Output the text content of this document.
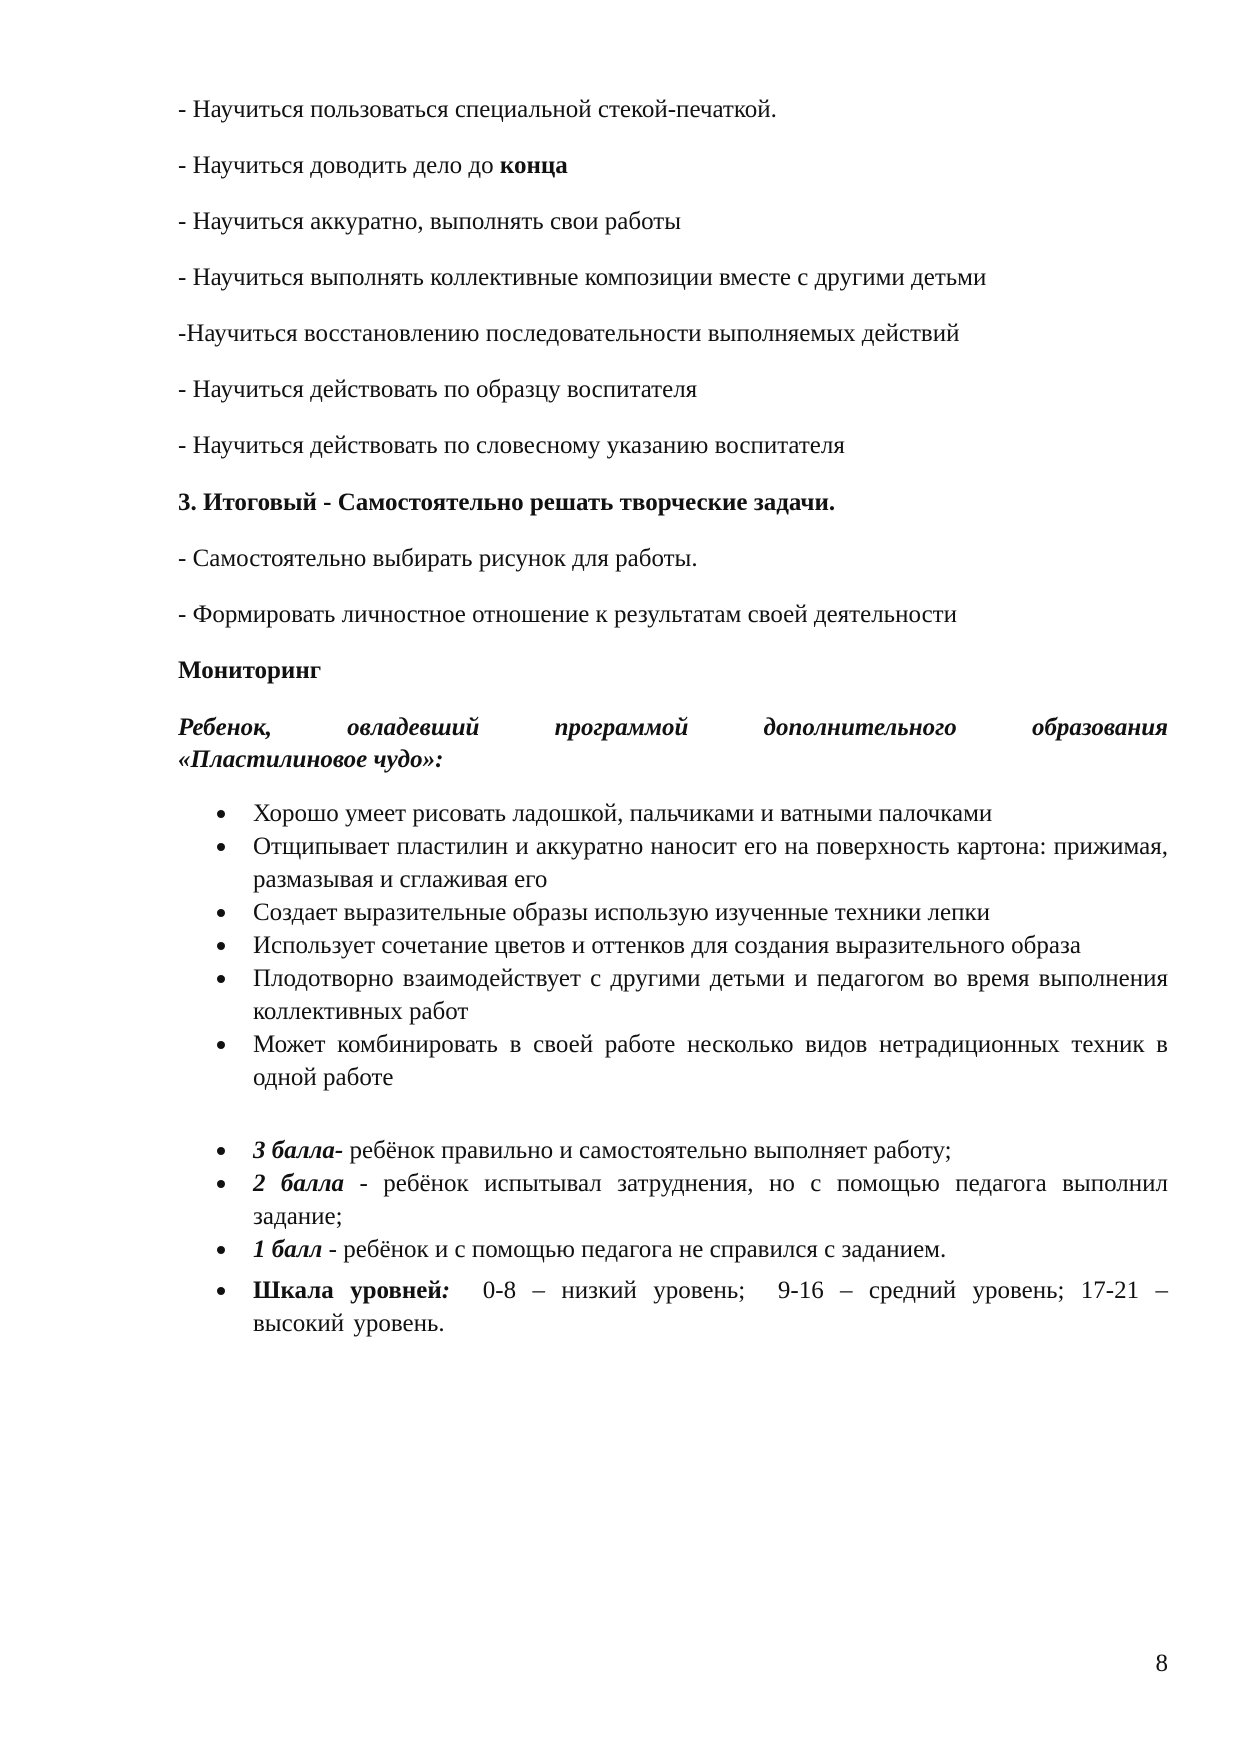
- Научиться пользоваться специальной стекой-печаткой.
- Научиться доводить дело до конца
- Научиться аккуратно, выполнять свои работы
- Научиться выполнять коллективные композиции вместе с другими детьми
-Научиться восстановлению последовательности выполняемых действий
- Научиться действовать по образцу воспитателя
- Научиться действовать по словесному указанию воспитателя
3. Итоговый - Самостоятельно решать творческие задачи.
- Самостоятельно выбирать рисунок для работы.
- Формировать личностное отношение к результатам своей деятельности
Мониторинг
Ребенок,	овладевший	программой	дополнительного	образования
«Пластилиновое чудо»:
Хорошо умеет рисовать ладошкой, пальчиками и ватными палочками
Отщипывает пластилин и аккуратно наносит его на поверхность картона: прижимая, размазывая и сглаживая его
Создает выразительные образы использую изученные техники лепки
Использует сочетание цветов и оттенков для создания выразительного образа
Плодотворно взаимодействует с другими детьми и педагогом во время выполнения коллективных работ
Может комбинировать в своей работе несколько видов нетрадиционных техник в одной работе
3 балла- ребёнок правильно и самостоятельно выполняет работу;
2 балла - ребёнок испытывал затруднения, но с помощью педагога выполнил задание;
1 балл - ребёнок и с помощью педагога не справился с заданием.
Шкала уровней:  0-8 – низкий уровень;  9-16 – средний уровень; 17-21 – высокий уровень.
8
